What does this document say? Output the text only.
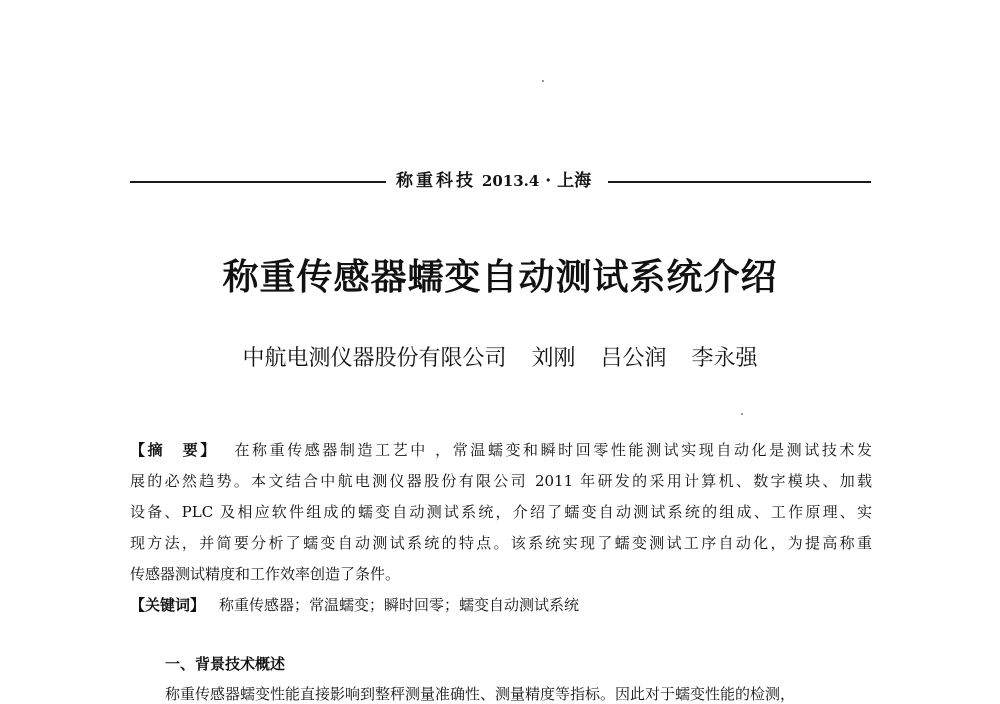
称重科技 2013.4 · 上海
称重传感器蠕变自动测试系统介绍
中航电测仪器股份有限公司 刘刚 吕公润 李永强
【摘　要】 在称重传感器制造工艺中 ，常温蠕变和瞬时回零性能测试实现自动化是测试技术发
展的必然趋势。本文结合中航电测仪器股份有限公司 2011 年研发的采用计算机、数字模块、加载
设备、PLC 及相应软件组成的蠕变自动测试系统，介绍了蠕变自动测试系统的组成、工作原理、实
现方法，并简要分析了蠕变自动测试系统的特点。该系统实现了蠕变测试工序自动化，为提高称重
传感器测试精度和工作效率创造了条件。
【关键词】 称重传感器；常温蠕变；瞬时回零；蠕变自动测试系统
一、背景技术概述
称重传感器蠕变性能直接影响到整秤测量准确性、测量精度等指标。因此对于蠕变性能的检测，
